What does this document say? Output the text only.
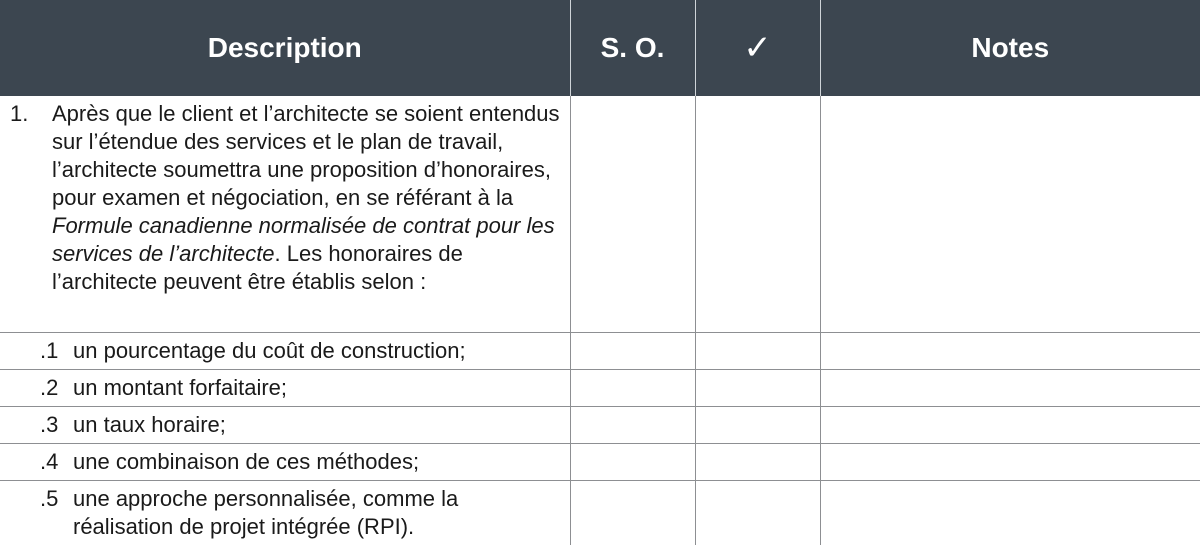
Description	S. O.	✓	Notes

1. Après que le client et l’architecte se soient entendus sur l’étendue des services et le plan de travail, l’architecte soumettra une proposition d’honoraires, pour examen et négociation, en se référant à la Formule canadienne normalisée de contrat pour les services de l’architecte. Les honoraires de l’architecte peuvent être établis selon :			

.1 un pourcentage du coût de construction;			

.2 un montant forfaitaire;			

.3 un taux horaire;			

.4 une combinaison de ces méthodes;			

.5 une approche personnalisée, comme la réalisation de projet intégrée (RPI).			
